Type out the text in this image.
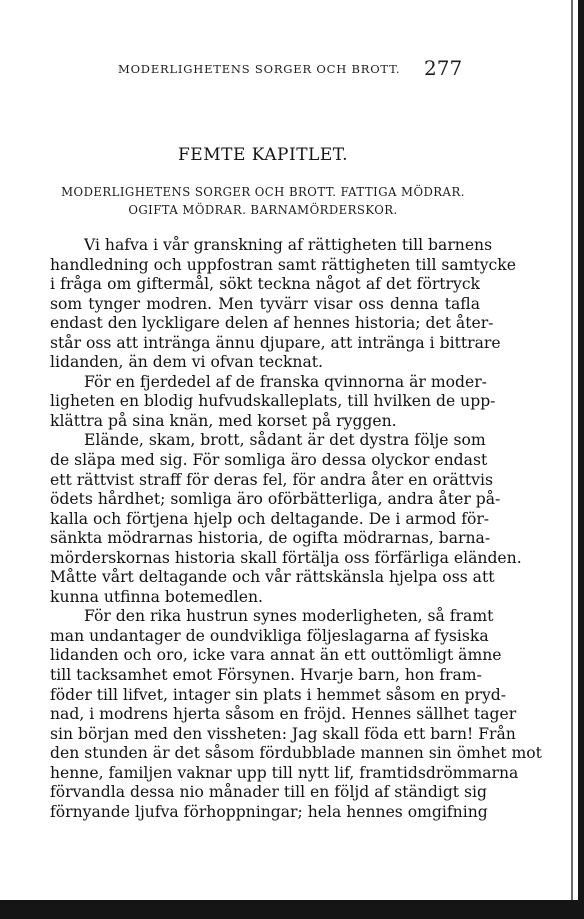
MODERLIGHETENS SORGER OCH BROTT.	277
FEMTE KAPITLET.
MODERLIGHETENS SORGER OCH BROTT. FATTIGA MÖDRAR.
OGIFTA MÖDRAR. BARNAMÖRDERSKOR.
Vi hafva i vår granskning af rättigheten till barnens
handledning och uppfostran samt rättigheten till samtycke
i fråga om giftermål, sökt teckna något af det förtryck
som tynger modren. Men tyvärr visar oss denna tafla
endast den lyckligare delen af hennes historia; det åter-
står oss att inträngа ännu djupare, att inträngа i bittrare
lidanden, än dem vi ofvan tecknat.
För en fjerdedel af de franska qvinnorna är moder-
ligheten en blodig hufvudskalleplats, till hvilken de upp-
klättra på sina knän, med korset på ryggen.
Elände, skam, brott, sådant är det dystra följe som
de släpa med sig. För somliga äro dessa olyckor endast
ett rättvist straff för deras fel, för andra åter en orättvis
ödets hårdhet; somliga äro oförbätterliga, andra åter på-
kalla och förtjena hjelp och deltagande. De i armod för-
sänkta mödrarnas historia, de ogifta mödrarnas, barna-
mörderskornas historia skall förtälja oss förfärliga eländen.
Måtte vårt deltagande och vår rättskänsla hjelpa oss att
kunna utfinna botemedlen.
För den rika hustrun synes moderligheten, så framt
man undantager de oundvikliga följeslagarna af fysiska
lidanden och oro, icke vara annat än ett outtömligt ämne
till tacksamhet emot Försynen. Hvarje barn, hon fram-
föder till lifvet, intager sin plats i hemmet såsom en pryd-
nad, i modrens hjerta såsom en fröjd. Hennes sällhet tager
sin början med den vissheten: Jag skall föda ett barn! Från
den stunden är det såsom fördubblade mannen sin ömhet mot
henne, familjen vaknar upp till nytt lif, framtidsdrömmarna
förvandla dessa nio månader till en följd af ständigt sig
förnyande ljufva förhoppningar; hela hennes omgifning
